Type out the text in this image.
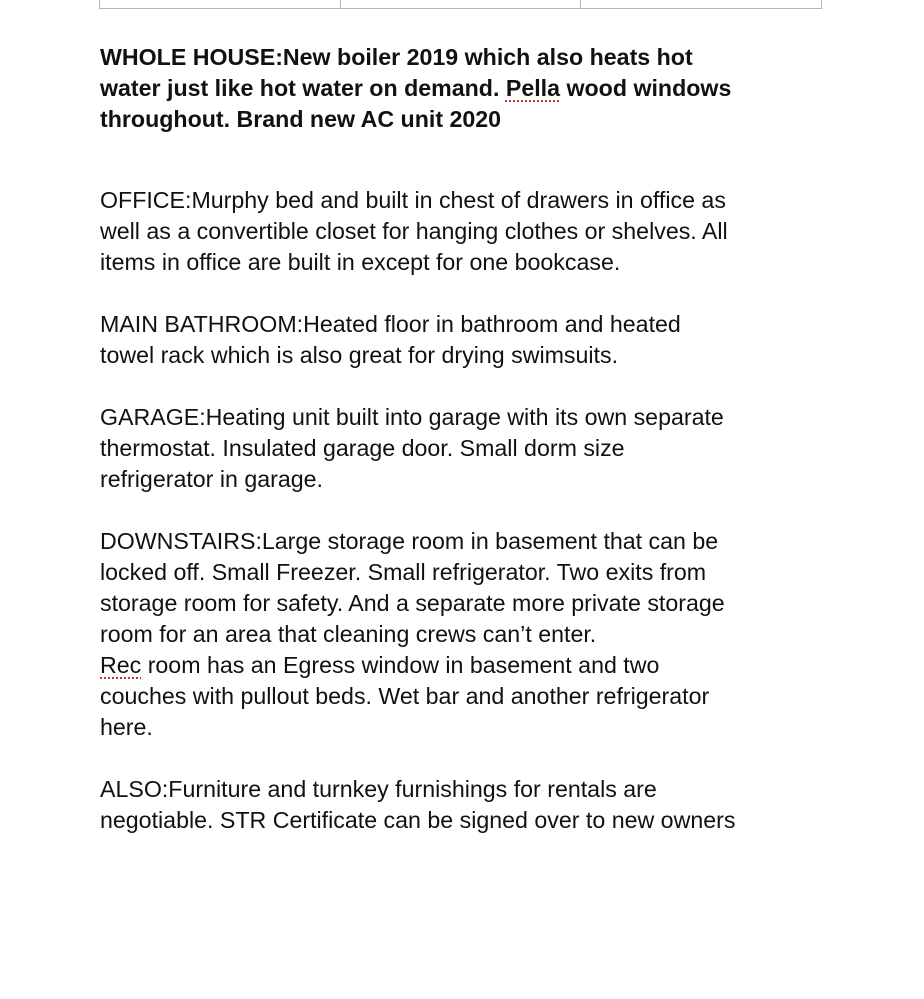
WHOLE HOUSE:New boiler 2019 which also heats hot
water just like hot water on demand. Pella wood windows
throughout. Brand new AC unit 2020
OFFICE:Murphy bed and built in chest of drawers in office as
well as a convertible closet for hanging clothes or shelves. All
items in office are built in except for one bookcase.
MAIN BATHROOM:Heated floor in bathroom and heated
towel rack which is also great for drying swimsuits.
GARAGE:Heating unit built into garage with its own separate
thermostat. Insulated garage door. Small dorm size
refrigerator in garage.
DOWNSTAIRS:Large storage room in basement that can be
locked off. Small Freezer. Small refrigerator. Two exits from
storage room for safety. And a separate more private storage
room for an area that cleaning crews can’t enter.
Rec room has an Egress window in basement and two
couches with pullout beds. Wet bar and another refrigerator
here.
ALSO:Furniture and turnkey furnishings for rentals are
negotiable. STR Certificate can be signed over to new owners
